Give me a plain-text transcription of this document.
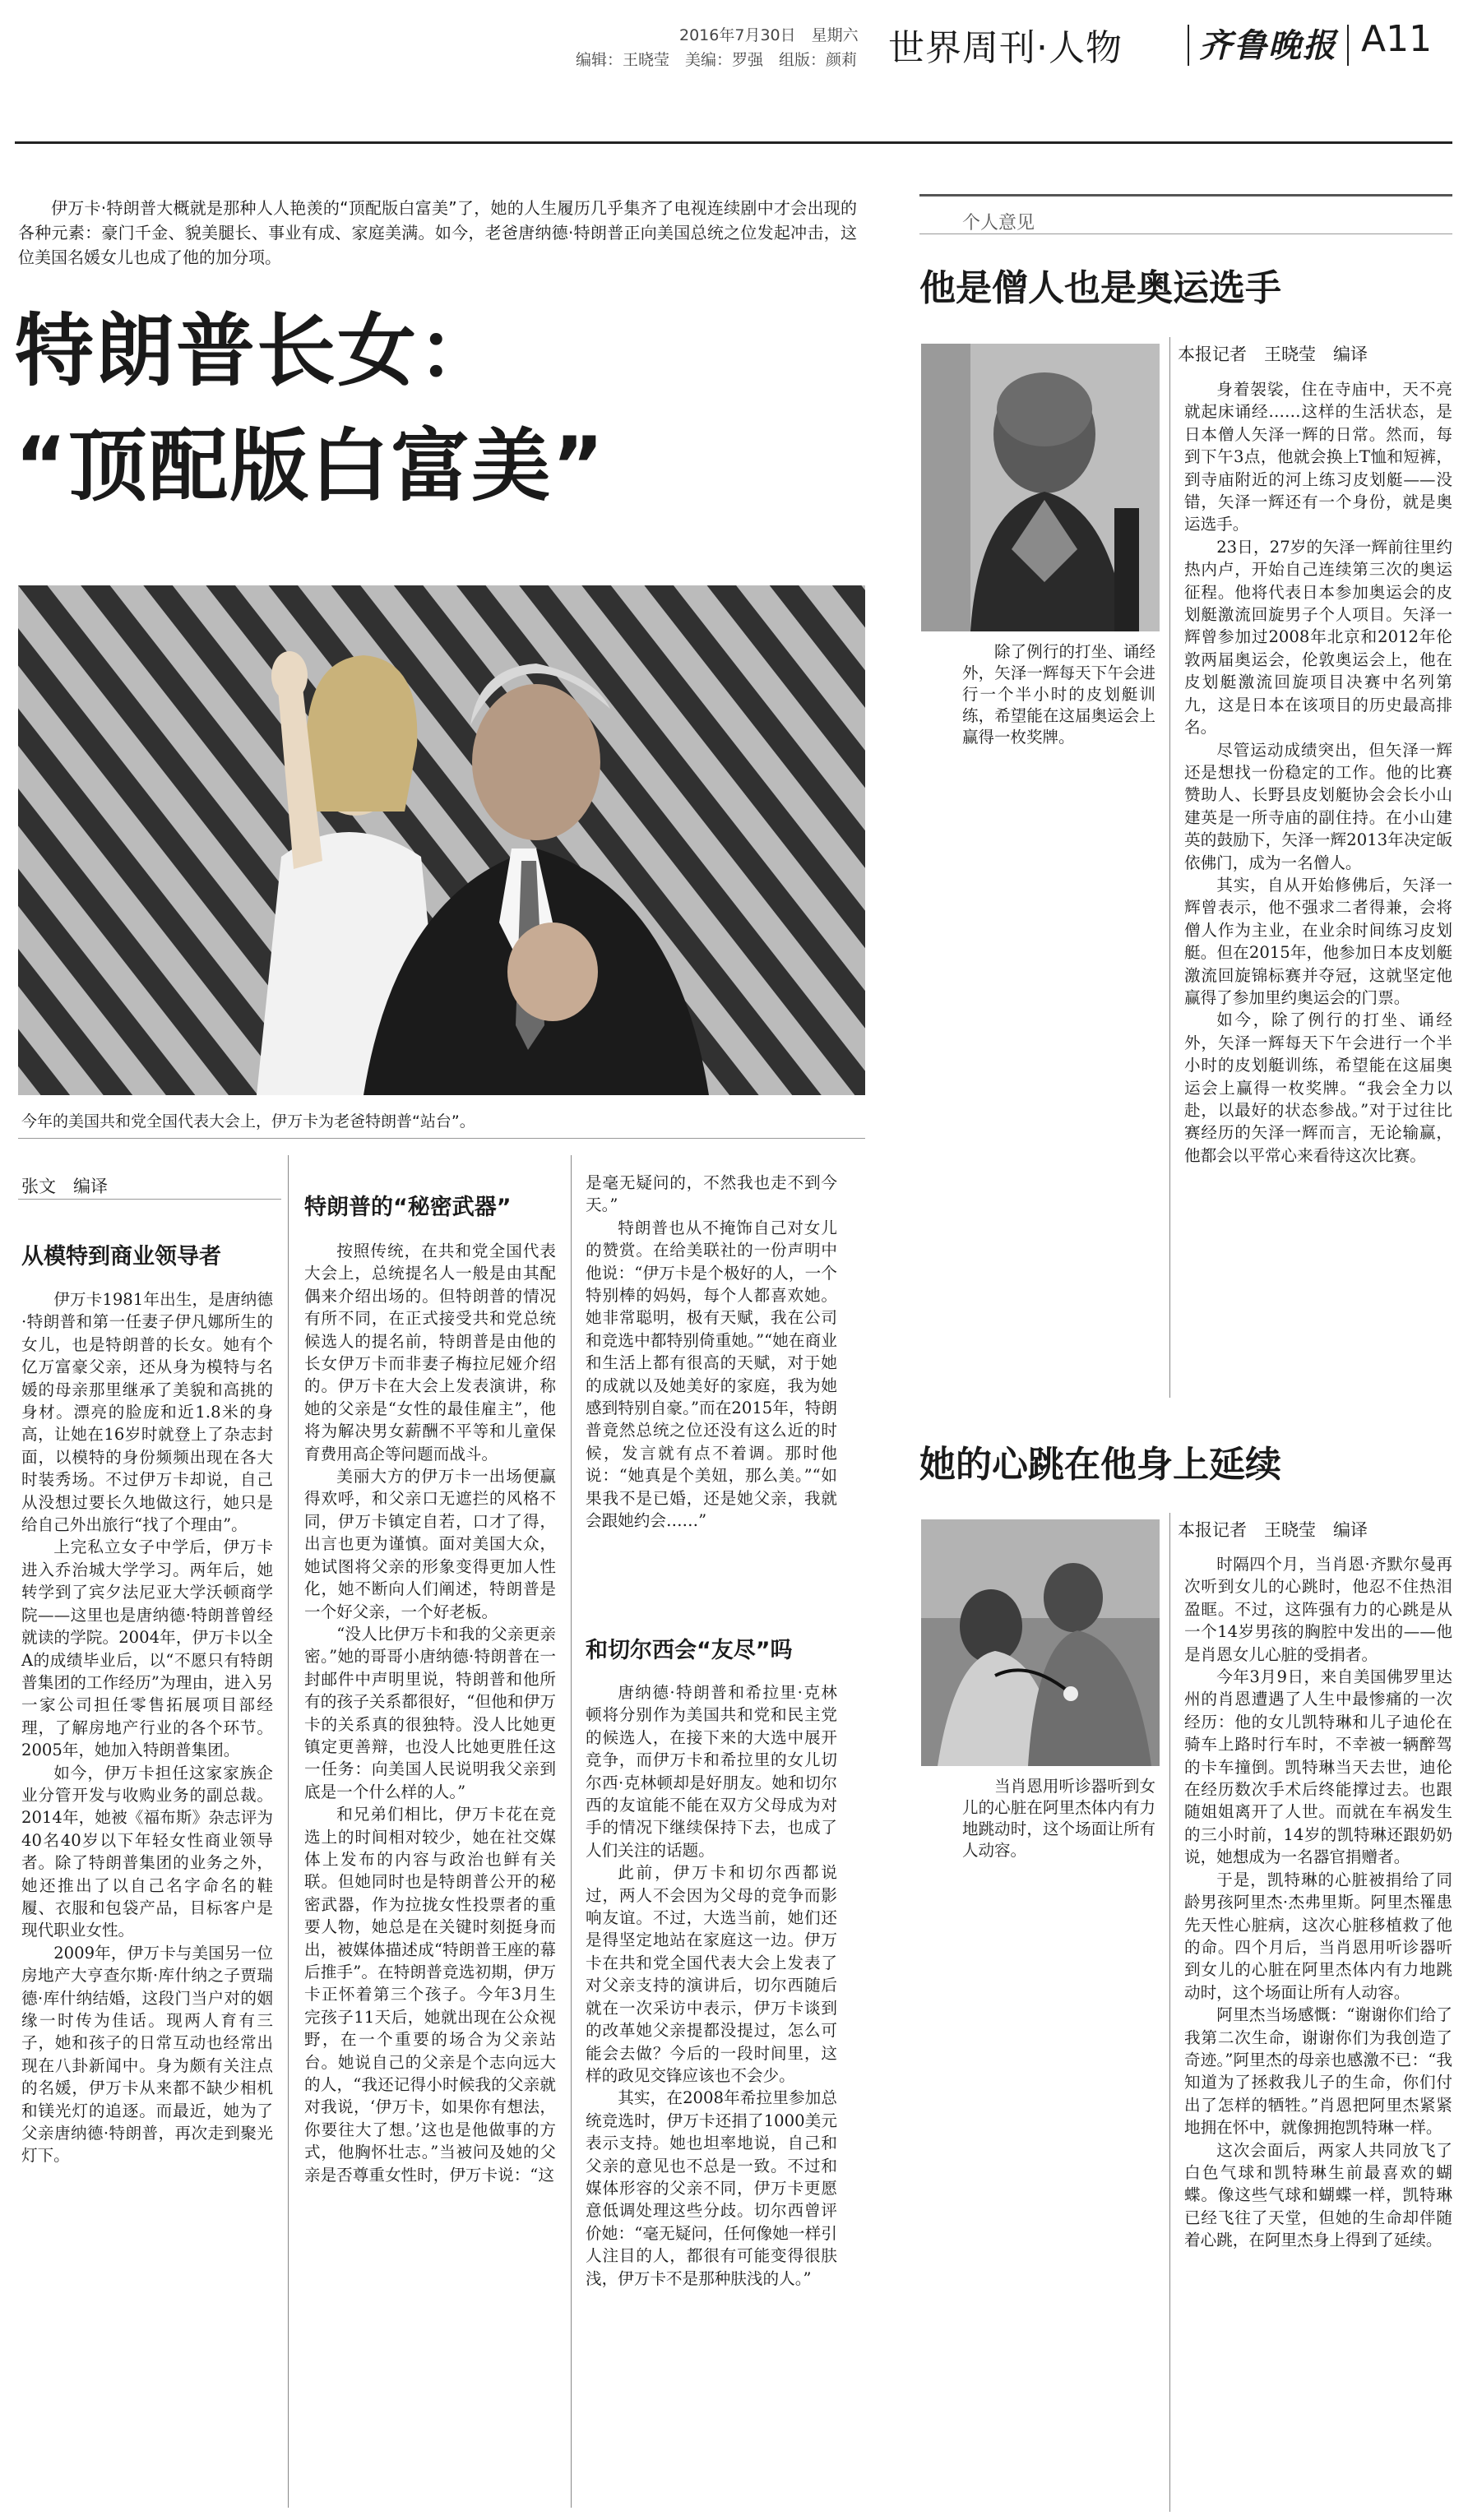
2016年7月30日　星期六
编辑：王晓莹　美编：罗强　组版：颜莉 世界周刊·人物 齐鲁晚报 A11
伊万卡·特朗普大概就是那种人人艳羡的“顶配版白富美”了，她的人生履历几乎集齐了电视连续剧中才会出现的各种元素：豪门千金、貌美腿长、事业有成、家庭美满。如今，老爸唐纳德·特朗普正向美国总统之位发起冲击，这位美国名媛女儿也成了他的加分项。
特朗普长女：
“顶配版白富美”
今年的美国共和党全国代表大会上，伊万卡为老爸特朗普“站台”。
张文　编译
从模特到商业领导者

伊万卡1981年出生，是唐纳德·特朗普和第一任妻子伊凡娜所生的女儿，也是特朗普的长女。她有个亿万富豪父亲，还从身为模特与名媛的母亲那里继承了美貌和高挑的身材。漂亮的脸庞和近1.8米的身高，让她在16岁时就登上了杂志封面，以模特的身份频频出现在各大时装秀场。不过伊万卡却说，自己从没想过要长久地做这行，她只是给自己外出旅行“找了个理由”。

上完私立女子中学后，伊万卡进入乔治城大学学习。两年后，她转学到了宾夕法尼亚大学沃顿商学院——这里也是唐纳德·特朗普曾经就读的学院。2004年，伊万卡以全A的成绩毕业后，以“不愿只有特朗普集团的工作经历”为理由，进入另一家公司担任零售拓展项目部经理，了解房地产行业的各个环节。2005年，她加入特朗普集团。

如今，伊万卡担任这家家族企业分管开发与收购业务的副总裁。2014年，她被《福布斯》杂志评为40名40岁以下年轻女性商业领导者。除了特朗普集团的业务之外，她还推出了以自己名字命名的鞋履、衣服和包袋产品，目标客户是现代职业女性。

2009年，伊万卡与美国另一位房地产大亨查尔斯·库什纳之子贾瑞德·库什纳结婚，这段门当户对的姻缘一时传为佳话。现两人育有三子，她和孩子的日常互动也经常出现在八卦新闻中。身为颇有关注点的名媛，伊万卡从来都不缺少相机和镁光灯的追逐。而最近，她为了父亲唐纳德·特朗普，再次走到聚光灯下。

特朗普的“秘密武器”

按照传统，在共和党全国代表大会上，总统提名人一般是由其配偶来介绍出场的。但特朗普的情况有所不同，在正式接受共和党总统候选人的提名前，特朗普是由他的长女伊万卡而非妻子梅拉尼娅介绍的。伊万卡在大会上发表演讲，称她的父亲是“女性的最佳雇主”，他将为解决男女薪酬不平等和儿童保育费用高企等问题而战斗。

美丽大方的伊万卡一出场便赢得欢呼，和父亲口无遮拦的风格不同，伊万卡镇定自若，口才了得，出言也更为谨慎。面对美国大众，她试图将父亲的形象变得更加人性化，她不断向人们阐述，特朗普是一个好父亲，一个好老板。

“没人比伊万卡和我的父亲更亲密。”她的哥哥小唐纳德·特朗普在一封邮件中声明里说，特朗普和他所有的孩子关系都很好，“但他和伊万卡的关系真的很独特。没人比她更镇定更善辩，也没人比她更胜任这一任务：向美国人民说明我父亲到底是一个什么样的人。”

和兄弟们相比，伊万卡花在竞选上的时间相对较少，她在社交媒体上发布的内容与政治也鲜有关联。但她同时也是特朗普公开的秘密武器，作为拉拢女性投票者的重要人物，她总是在关键时刻挺身而出，被媒体描述成“特朗普王座的幕后推手”。在特朗普竞选初期，伊万卡正怀着第三个孩子。今年3月生完孩子11天后，她就出现在公众视野，在一个重要的场合为父亲站台。她说自己的父亲是个志向远大的人，“我还记得小时候我的父亲就对我说，‘伊万卡，如果你有想法，你要往大了想。’这也是他做事的方式，他胸怀壮志。”当被问及她的父亲是否尊重女性时，伊万卡说：“这

是毫无疑问的，不然我也走不到今天。”

特朗普也从不掩饰自己对女儿的赞赏。在给美联社的一份声明中他说：“伊万卡是个极好的人，一个特别棒的妈妈，每个人都喜欢她。她非常聪明，极有天赋，我在公司和竞选中都特别倚重她。”“她在商业和生活上都有很高的天赋，对于她的成就以及她美好的家庭，我为她感到特别自豪。”而在2015年，特朗普竟然总统之位还没有这么近的时候，发言就有点不着调。那时他说：“她真是个美妞，那么美。”“如果我不是已婚，还是她父亲，我就会跟她约会……”

和切尔西会“友尽”吗

唐纳德·特朗普和希拉里·克林顿将分别作为美国共和党和民主党的候选人，在接下来的大选中展开竞争，而伊万卡和希拉里的女儿切尔西·克林顿却是好朋友。她和切尔西的友谊能不能在双方父母成为对手的情况下继续保持下去，也成了人们关注的话题。

此前，伊万卡和切尔西都说过，两人不会因为父母的竞争而影响友谊。不过，大选当前，她们还是得坚定地站在家庭这一边。伊万卡在共和党全国代表大会上发表了对父亲支持的演讲后，切尔西随后就在一次采访中表示，伊万卡谈到的改革她父亲提都没提过，怎么可能会去做？今后的一段时间里，这样的政见交锋应该也不会少。

其实，在2008年希拉里参加总统竞选时，伊万卡还捐了1000美元表示支持。她也坦率地说，自己和父亲的意见也不总是一致。不过和媒体形容的父亲不同，伊万卡更愿意低调处理这些分歧。切尔西曾评价她：“毫无疑问，任何像她一样引人注目的人，都很有可能变得很肤浅，伊万卡不是那种肤浅的人。”

个人意见
他是僧人也是奥运选手

除了例行的打坐、诵经外，矢泽一辉每天下午会进行一个半小时的皮划艇训练，希望能在这届奥运会上赢得一枚奖牌。

本报记者　王晓莹　编译

身着袈裟，住在寺庙中，天不亮就起床诵经……这样的生活状态，是日本僧人矢泽一辉的日常。然而，每到下午3点，他就会换上T恤和短裤，到寺庙附近的河上练习皮划艇——没错，矢泽一辉还有一个身份，就是奥运选手。

23日，27岁的矢泽一辉前往里约热内卢，开始自己连续第三次的奥运征程。他将代表日本参加奥运会的皮划艇激流回旋男子个人项目。矢泽一辉曾参加过2008年北京和2012年伦敦两届奥运会，伦敦奥运会上，他在皮划艇激流回旋项目决赛中名列第九，这是日本在该项目的历史最高排名。

尽管运动成绩突出，但矢泽一辉还是想找一份稳定的工作。他的比赛赞助人、长野县皮划艇协会会长小山建英是一所寺庙的副住持。在小山建英的鼓励下，矢泽一辉2013年决定皈依佛门，成为一名僧人。

其实，自从开始修佛后，矢泽一辉曾表示，他不强求二者得兼，会将僧人作为主业，在业余时间练习皮划艇。但在2015年，他参加日本皮划艇激流回旋锦标赛并夺冠，这就坚定他赢得了参加里约奥运会的门票。

如今，除了例行的打坐、诵经外，矢泽一辉每天下午会进行一个半小时的皮划艇训练，希望能在这届奥运会上赢得一枚奖牌。“我会全力以赴，以最好的状态参战。”对于过往比赛经历的矢泽一辉而言，无论输赢，他都会以平常心来看待这次比赛。

她的心跳在他身上延续

当肖恩用听诊器听到女儿的心脏在阿里杰体内有力地跳动时，这个场面让所有人动容。

本报记者　王晓莹　编译

时隔四个月，当肖恩·齐默尔曼再次听到女儿的心跳时，他忍不住热泪盈眶。不过，这阵强有力的心跳是从一个14岁男孩的胸腔中发出的——他是肖恩女儿心脏的受捐者。

今年3月9日，来自美国佛罗里达州的肖恩遭遇了人生中最惨痛的一次经历：他的女儿凯特琳和儿子迪伦在骑车上路时行车时，不幸被一辆醉驾的卡车撞倒。凯特琳当天去世，迪伦在经历数次手术后终能撑过去。也跟随姐姐离开了人世。而就在车祸发生的三小时前，14岁的凯特琳还跟奶奶说，她想成为一名器官捐赠者。

于是，凯特琳的心脏被捐给了同龄男孩阿里杰·杰弗里斯。阿里杰罹患先天性心脏病，这次心脏移植救了他的命。四个月后，当肖恩用听诊器听到女儿的心脏在阿里杰体内有力地跳动时，这个场面让所有人动容。

阿里杰当场感慨：“谢谢你们给了我第二次生命，谢谢你们为我创造了奇迹。”阿里杰的母亲也感激不已：“我知道为了拯救我儿子的生命，你们付出了怎样的牺牲。”肖恩把阿里杰紧紧地拥在怀中，就像拥抱凯特琳一样。

这次会面后，两家人共同放飞了白色气球和凯特琳生前最喜欢的蝴蝶。像这些气球和蝴蝶一样，凯特琳已经飞往了天堂，但她的生命却伴随着心跳，在阿里杰身上得到了延续。
